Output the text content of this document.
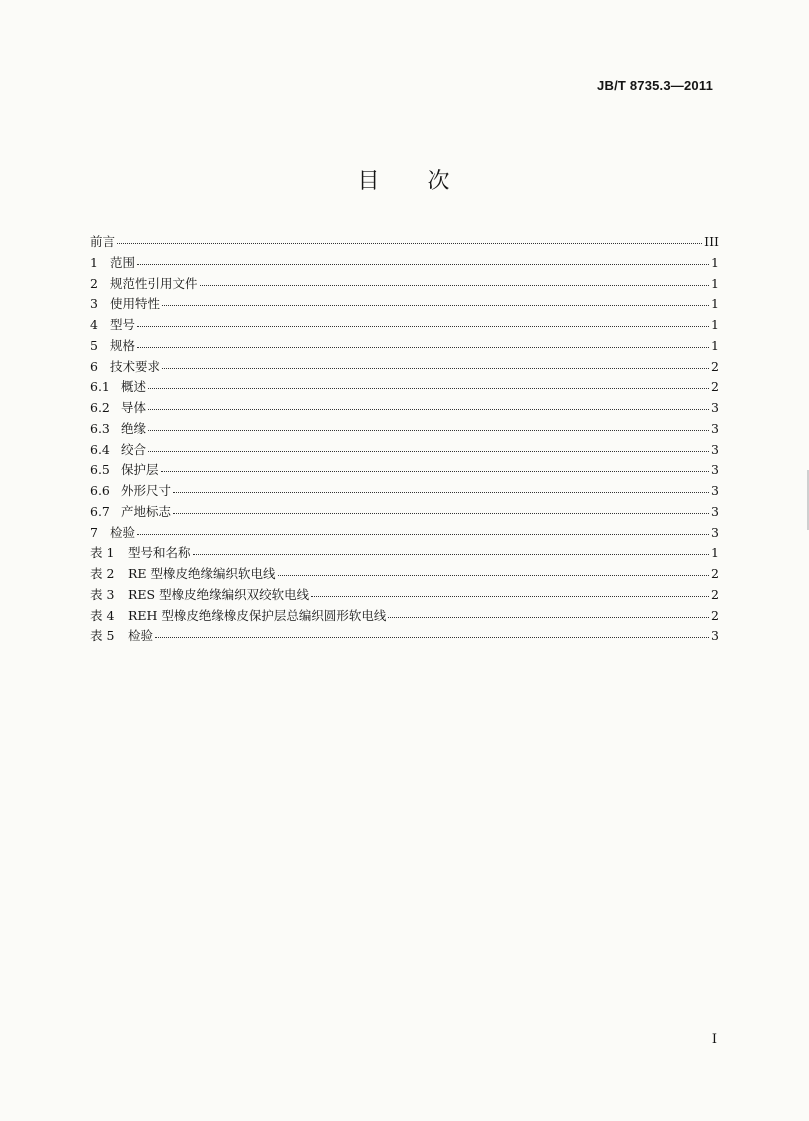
JB/T 8735.3—2011
目 次
前言	III
1 范围	1
2 规范性引用文件	1
3 使用特性	1
4 型号	1
5 规格	1
6 技术要求	2
6.1 概述	2
6.2 导体	3
6.3 绝缘	3
6.4 绞合	3
6.5 保护层	3
6.6 外形尺寸	3
6.7 产地标志	3
7 检验	3
表 1	型号和名称	1
表 2	RE 型橡皮绝缘编织软电线	2
表 3	RES 型橡皮绝缘编织双绞软电线	2
表 4	REH 型橡皮绝缘橡皮保护层总编织圆形软电线	2
表 5	检验	3
I
